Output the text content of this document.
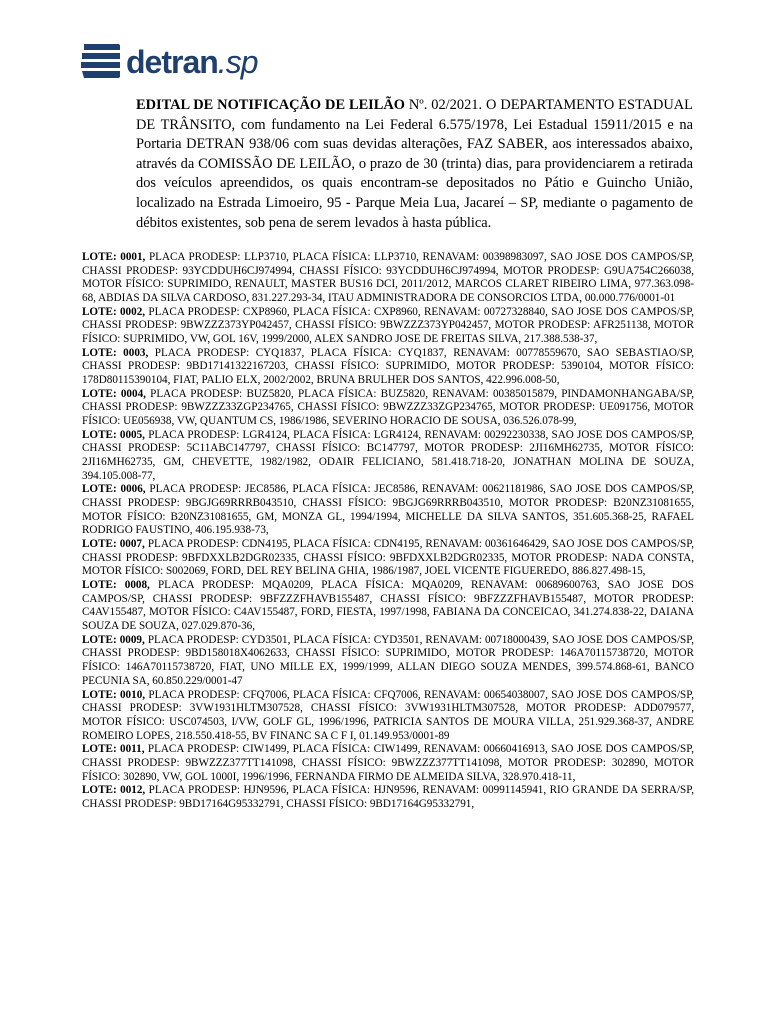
detran.sp
EDITAL DE NOTIFICAÇÃO DE LEILÃO Nº. 02/2021. O DEPARTAMENTO ESTADUAL DE TRÂNSITO, com fundamento na Lei Federal 6.575/1978, Lei Estadual 15911/2015 e na Portaria DETRAN 938/06 com suas devidas alterações, FAZ SABER, aos interessados abaixo, através da COMISSÃO DE LEILÃO, o prazo de 30 (trinta) dias, para providenciarem a retirada dos veículos apreendidos, os quais encontram-se depositados no Pátio e Guincho União, localizado na Estrada Limoeiro, 95 - Parque Meia Lua, Jacareí – SP, mediante o pagamento de débitos existentes, sob pena de serem levados à hasta pública.

LOTE: 0001, PLACA PRODESP: LLP3710, PLACA FÍSICA: LLP3710, RENAVAM: 00398983097, SAO JOSE DOS CAMPOS/SP, CHASSI PRODESP: 93YCDDUH6CJ974994, CHASSI FÍSICO: 93YCDDUH6CJ974994, MOTOR PRODESP: G9UA754C266038, MOTOR FÍSICO: SUPRIMIDO, RENAULT, MASTER BUS16 DCI, 2011/2012, MARCOS CLARET RIBEIRO LIMA, 977.363.098-68, ABDIAS DA SILVA CARDOSO, 831.227.293-34, ITAU ADMINISTRADORA DE CONSORCIOS LTDA, 00.000.776/0001-01

LOTE: 0002, PLACA PRODESP: CXP8960, PLACA FÍSICA: CXP8960, RENAVAM: 00727328840, SAO JOSE DOS CAMPOS/SP, CHASSI PRODESP: 9BWZZZ373YP042457, CHASSI FÍSICO: 9BWZZZ373YP042457, MOTOR PRODESP: AFR251138, MOTOR FÍSICO: SUPRIMIDO, VW, GOL 16V, 1999/2000, ALEX SANDRO JOSE DE FREITAS SILVA, 217.388.538-37,

LOTE: 0003, PLACA PRODESP: CYQ1837, PLACA FÍSICA: CYQ1837, RENAVAM: 00778559670, SAO SEBASTIAO/SP, CHASSI PRODESP: 9BD17141322167203, CHASSI FÍSICO: SUPRIMIDO, MOTOR PRODESP: 5390104, MOTOR FÍSICO: 178D80115390104, FIAT, PALIO ELX, 2002/2002, BRUNA BRULHER DOS SANTOS, 422.996.008-50,

LOTE: 0004, PLACA PRODESP: BUZ5820, PLACA FÍSICA: BUZ5820, RENAVAM: 00385015879, PINDAMONHANGABA/SP, CHASSI PRODESP: 9BWZZZ33ZGP234765, CHASSI FÍSICO: 9BWZZZ33ZGP234765, MOTOR PRODESP: UE091756, MOTOR FÍSICO: UE056938, VW, QUANTUM CS, 1986/1986, SEVERINO HORACIO DE SOUSA, 036.526.078-99,

LOTE: 0005, PLACA PRODESP: LGR4124, PLACA FÍSICA: LGR4124, RENAVAM: 00292230338, SAO JOSE DOS CAMPOS/SP, CHASSI PRODESP: 5C11ABC147797, CHASSI FÍSICO: BC147797, MOTOR PRODESP: 2JI16MH62735, MOTOR FÍSICO: 2JI16MH62735, GM, CHEVETTE, 1982/1982, ODAIR FELICIANO, 581.418.718-20, JONATHAN MOLINA DE SOUZA, 394.105.008-77,

LOTE: 0006, PLACA PRODESP: JEC8586, PLACA FÍSICA: JEC8586, RENAVAM: 00621181986, SAO JOSE DOS CAMPOS/SP, CHASSI PRODESP: 9BGJG69RRRB043510, CHASSI FÍSICO: 9BGJG69RRRB043510, MOTOR PRODESP: B20NZ31081655, MOTOR FÍSICO: B20NZ31081655, GM, MONZA GL, 1994/1994, MICHELLE DA SILVA SANTOS, 351.605.368-25, RAFAEL RODRIGO FAUSTINO, 406.195.938-73,

LOTE: 0007, PLACA PRODESP: CDN4195, PLACA FÍSICA: CDN4195, RENAVAM: 00361646429, SAO JOSE DOS CAMPOS/SP, CHASSI PRODESP: 9BFDXXLB2DGR02335, CHASSI FÍSICO: 9BFDXXLB2DGR02335, MOTOR PRODESP: NADA CONSTA, MOTOR FÍSICO: S002069, FORD, DEL REY BELINA GHIA, 1986/1987, JOEL VICENTE FIGUEREDO, 886.827.498-15,

LOTE: 0008, PLACA PRODESP: MQA0209, PLACA FÍSICA: MQA0209, RENAVAM: 00689600763, SAO JOSE DOS CAMPOS/SP, CHASSI PRODESP: 9BFZZZFHAVB155487, CHASSI FÍSICO: 9BFZZZFHAVB155487, MOTOR PRODESP: C4AV155487, MOTOR FÍSICO: C4AV155487, FORD, FIESTA, 1997/1998, FABIANA DA CONCEICAO, 341.274.838-22, DAIANA SOUZA DE SOUZA, 027.029.870-36,

LOTE: 0009, PLACA PRODESP: CYD3501, PLACA FÍSICA: CYD3501, RENAVAM: 00718000439, SAO JOSE DOS CAMPOS/SP, CHASSI PRODESP: 9BD158018X4062633, CHASSI FÍSICO: SUPRIMIDO, MOTOR PRODESP: 146A70115738720, MOTOR FÍSICO: 146A70115738720, FIAT, UNO MILLE EX, 1999/1999, ALLAN DIEGO SOUZA MENDES, 399.574.868-61, BANCO PECUNIA SA, 60.850.229/0001-47

LOTE: 0010, PLACA PRODESP: CFQ7006, PLACA FÍSICA: CFQ7006, RENAVAM: 00654038007, SAO JOSE DOS CAMPOS/SP, CHASSI PRODESP: 3VW1931HLTM307528, CHASSI FÍSICO: 3VW1931HLTM307528, MOTOR PRODESP: ADD079577, MOTOR FÍSICO: USC074503, I/VW, GOLF GL, 1996/1996, PATRICIA SANTOS DE MOURA VILLA, 251.929.368-37, ANDRE ROMEIRO LOPES, 218.550.418-55, BV FINANC SA C F I, 01.149.953/0001-89

LOTE: 0011, PLACA PRODESP: CIW1499, PLACA FÍSICA: CIW1499, RENAVAM: 00660416913, SAO JOSE DOS CAMPOS/SP, CHASSI PRODESP: 9BWZZZ377TT141098, CHASSI FÍSICO: 9BWZZZ377TT141098, MOTOR PRODESP: 302890, MOTOR FÍSICO: 302890, VW, GOL 1000I, 1996/1996, FERNANDA FIRMO DE ALMEIDA SILVA, 328.970.418-11,

LOTE: 0012, PLACA PRODESP: HJN9596, PLACA FÍSICA: HJN9596, RENAVAM: 00991145941, RIO GRANDE DA SERRA/SP, CHASSI PRODESP: 9BD17164G95332791, CHASSI FÍSICO: 9BD17164G95332791,
